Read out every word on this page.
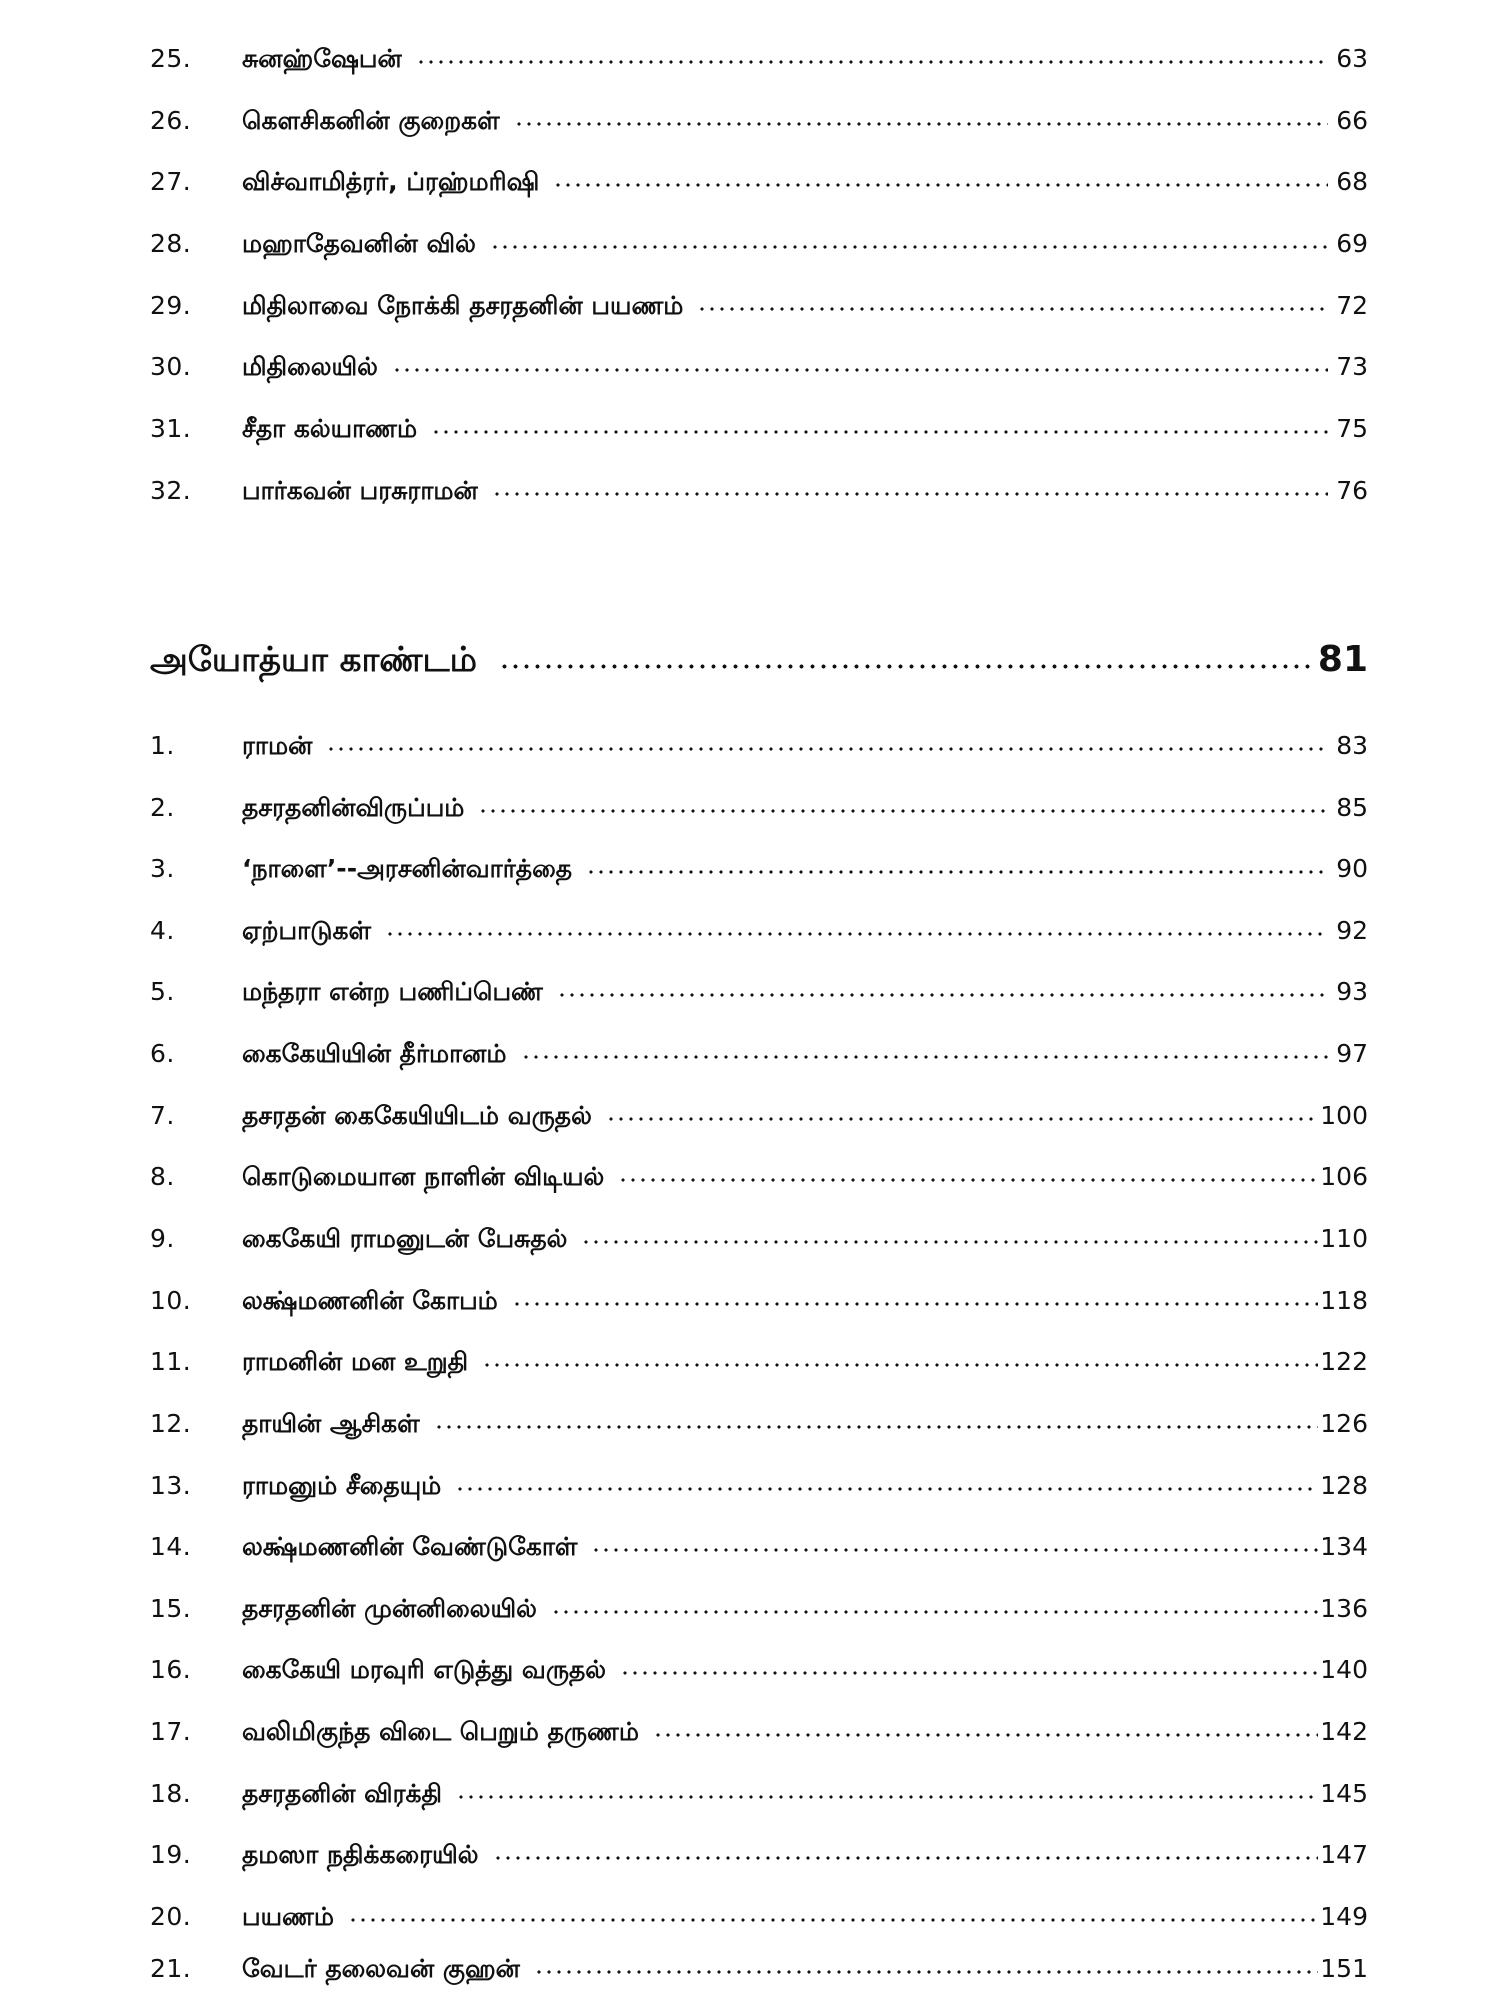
25.	சுனஹ்ஷேபன்	63
26.	கௌசிகனின் குறைகள்	66
27.	விச்வாமித்ரர், ப்ரஹ்மரிஷி	68
28.	மஹாதேவனின் வில்	69
29.	மிதிலாவை நோக்கி தசரதனின் பயணம்	72
30.	மிதிலையில்	73
31.	சீதா கல்யாணம்	75
32.	பார்கவன் பரசுராமன்	76
அயோத்யா காண்டம்	81
1.	ராமன்	83
2.	தசரதனின்விருப்பம்	85
3.	‘நாளை’--அரசனின்வார்த்தை	90
4.	ஏற்பாடுகள்	92
5.	மந்தரா என்ற பணிப்பெண்	93
6.	கைகேயியின் தீர்மானம்	97
7.	தசரதன் கைகேயியிடம் வருதல்	100
8.	கொடுமையான நாளின் விடியல்	106
9.	கைகேயி ராமனுடன் பேசுதல்	110
10.	லக்ஷ்மணனின் கோபம்	118
11.	ராமனின் மன உறுதி	122
12.	தாயின் ஆசிகள்	126
13.	ராமனும் சீதையும்	128
14.	லக்ஷ்மணனின் வேண்டுகோள்	134
15.	தசரதனின் முன்னிலையில்	136
16.	கைகேயி மரவுரி எடுத்து வருதல்	140
17.	வலிமிகுந்த விடை பெறும் தருணம்	142
18.	தசரதனின் விரக்தி	145
19.	தமஸா நதிக்கரையில்	147
20.	பயணம்	149
21.	வேடர் தலைவன் குஹன்	151
